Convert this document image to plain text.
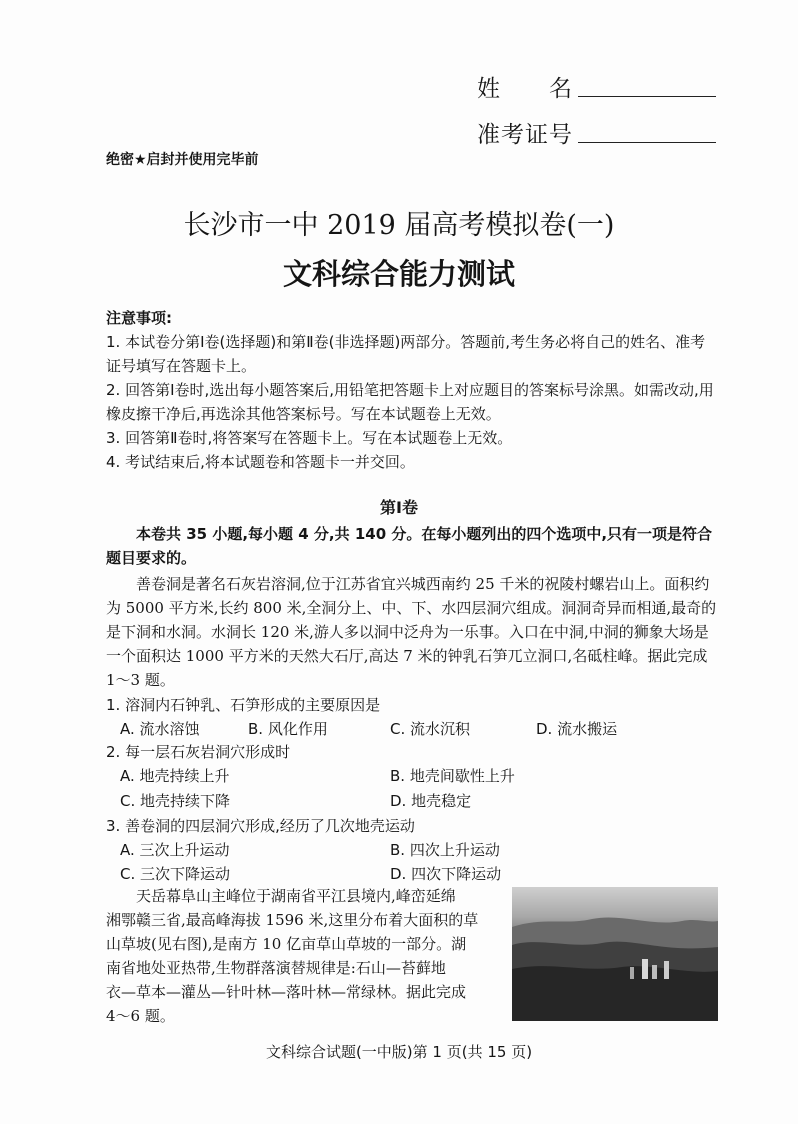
姓　　名
准考证号
绝密★启封并使用完毕前
长沙市一中 2019 届高考模拟卷(一)
文科综合能力测试
注意事项:
1. 本试卷分第Ⅰ卷(选择题)和第Ⅱ卷(非选择题)两部分。答题前,考生务必将自己的姓名、准考证号填写在答题卡上。
2. 回答第Ⅰ卷时,选出每小题答案后,用铅笔把答题卡上对应题目的答案标号涂黑。如需改动,用橡皮擦干净后,再选涂其他答案标号。写在本试题卷上无效。
3. 回答第Ⅱ卷时,将答案写在答题卡上。写在本试题卷上无效。
4. 考试结束后,将本试题卷和答题卡一并交回。
第Ⅰ卷
本卷共 35 小题,每小题 4 分,共 140 分。在每小题列出的四个选项中,只有一项是符合题目要求的。
善卷洞是著名石灰岩溶洞,位于江苏省宜兴城西南约 25 千米的祝陵村螺岩山上。面积约为 5000 平方米,长约 800 米,全洞分上、中、下、水四层洞穴组成。洞洞奇异而相通,最奇的是下洞和水洞。水洞长 120 米,游人多以洞中泛舟为一乐事。入口在中洞,中洞的狮象大场是一个面积达 1000 平方米的天然大石厅,高达 7 米的钟乳石笋兀立洞口,名砥柱峰。据此完成 1～3 题。
1. 溶洞内石钟乳、石笋形成的主要原因是
A. 流水溶蚀	B. 风化作用	C. 流水沉积	D. 流水搬运
2. 每一层石灰岩洞穴形成时
A. 地壳持续上升	B. 地壳间歇性上升
C. 地壳持续下降	D. 地壳稳定
3. 善卷洞的四层洞穴形成,经历了几次地壳运动
A. 三次上升运动	B. 四次上升运动
C. 三次下降运动	D. 四次下降运动
天岳幕阜山主峰位于湖南省平江县境内,峰峦延绵
湘鄂赣三省,最高峰海拔 1596 米,这里分布着大面积的草
山草坡(见右图),是南方 10 亿亩草山草坡的一部分。湖
南省地处亚热带,生物群落演替规律是:石山—苔藓地
衣—草本—灌丛—针叶林—落叶林—常绿林。据此完成
4～6 题。
文科综合试题(一中版)第 1 页(共 15 页)
